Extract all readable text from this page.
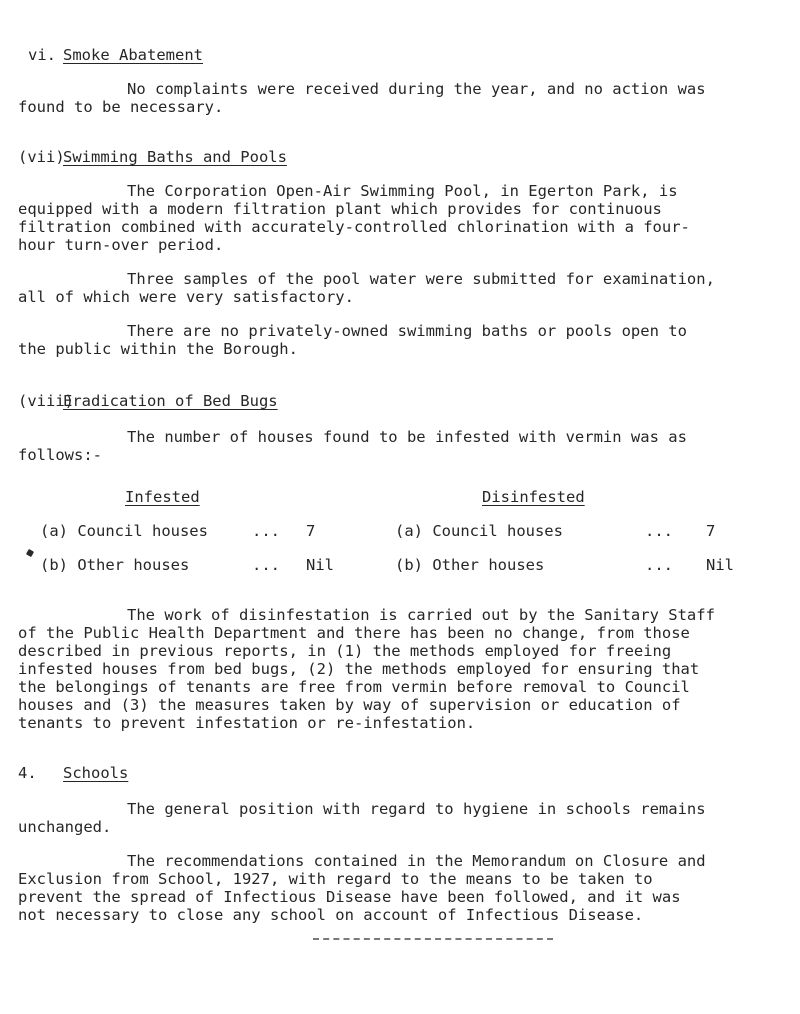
vi. Smoke Abatement
No complaints were received during the year, and no action was
found to be necessary.
(vii)
Swimming Baths and Pools
The Corporation Open-Air Swimming Pool, in Egerton Park, is
equipped with a modern filtration plant which provides for continuous
filtration combined with accurately-controlled chlorination with a four-
hour turn-over period.
Three samples of the pool water were submitted for examination,
all of which were very satisfactory.
There are no privately-owned swimming baths or pools open to
the public within the Borough.
(viii)
Eradication of Bed Bugs
The number of houses found to be infested with vermin was as
follows:-
Infested
(a) Council houses	... 7
(b) Other houses	... Nil
Disinfested
(a) Council houses	... 7
(b) Other houses	... Nil
The work of disinfestation is carried out by the Sanitary Staff
of the Public Health Department and there has been no change, from those
described in previous reports, in (1) the methods employed for freeing
infested houses from bed bugs, (2) the methods employed for ensuring that
the belongings of tenants are free from vermin before removal to Council
houses and (3) the measures taken by way of supervision or education of
tenants to prevent infestation or re-infestation.
4. Schools
The general position with regard to hygiene in schools remains
unchanged.
The recommendations contained in the Memorandum on Closure and
Exclusion from School, 1927, with regard to the means to be taken to
prevent the spread of Infectious Disease have been followed, and it was
not necessary to close any school on account of Infectious Disease.
